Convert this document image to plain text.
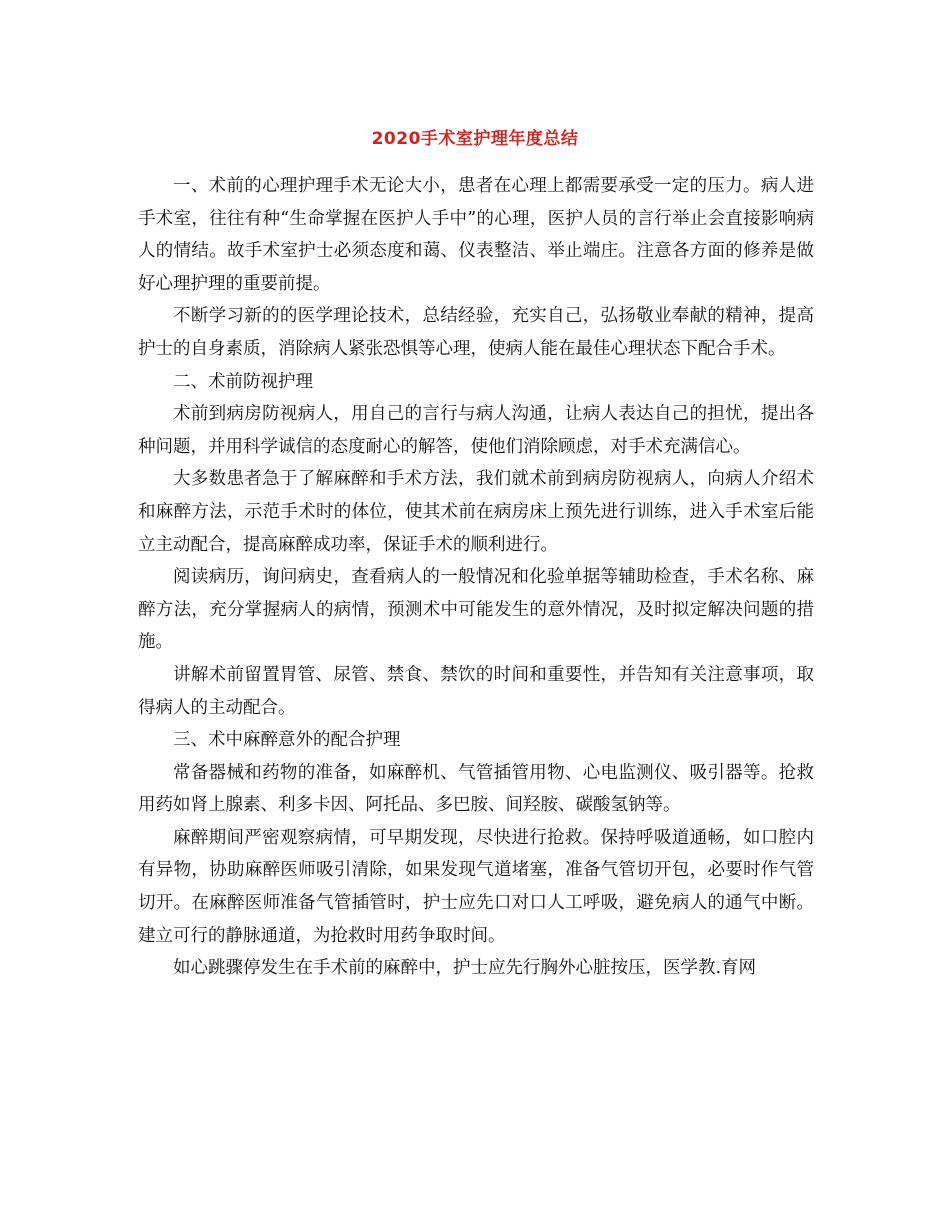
2020手术室护理年度总结

一、术前的心理护理手术无论大小，患者在心理上都需要承受一定的压力。病人进手术室，往往有种“生命掌握在医护人手中”的心理，医护人员的言行举止会直接影响病人的情结。故手术室护士必须态度和蔼、仪表整洁、举止端庄。注意各方面的修养是做好心理护理的重要前提。

不断学习新的的医学理论技术，总结经验，充实自己，弘扬敬业奉献的精神，提高护士的自身素质，消除病人紧张恐惧等心理，使病人能在最佳心理状态下配合手术。

二、术前防视护理

术前到病房防视病人，用自己的言行与病人沟通，让病人表达自己的担忧，提出各种问题，并用科学诚信的态度耐心的解答，使他们消除顾虑，对手术充满信心。

大多数患者急于了解麻醉和手术方法，我们就术前到病房防视病人，向病人介绍术和麻醉方法，示范手术时的体位，使其术前在病房床上预先进行训练，进入手术室后能立主动配合，提高麻醉成功率，保证手术的顺利进行。

阅读病历，询问病史，查看病人的一般情况和化验单据等辅助检查，手术名称、麻醉方法，充分掌握病人的病情，预测术中可能发生的意外情况，及时拟定解决问题的措施。

讲解术前留置胃管、尿管、禁食、禁饮的时间和重要性，并告知有关注意事项，取得病人的主动配合。

三、术中麻醉意外的配合护理

常备器械和药物的准备，如麻醉机、气管插管用物、心电监测仪、吸引器等。抢救用药如肾上腺素、利多卡因、阿托品、多巴胺、间羟胺、碳酸氢钠等。

麻醉期间严密观察病情，可早期发现，尽快进行抢救。保持呼吸道通畅，如口腔内有异物，协助麻醉医师吸引清除，如果发现气道堵塞，准备气管切开包，必要时作气管切开。在麻醉医师准备气管插管时，护士应先口对口人工呼吸，避免病人的通气中断。建立可行的静脉通道，为抢救时用药争取时间。

如心跳骤停发生在手术前的麻醉中，护士应先行胸外心脏按压，医学教.育网
